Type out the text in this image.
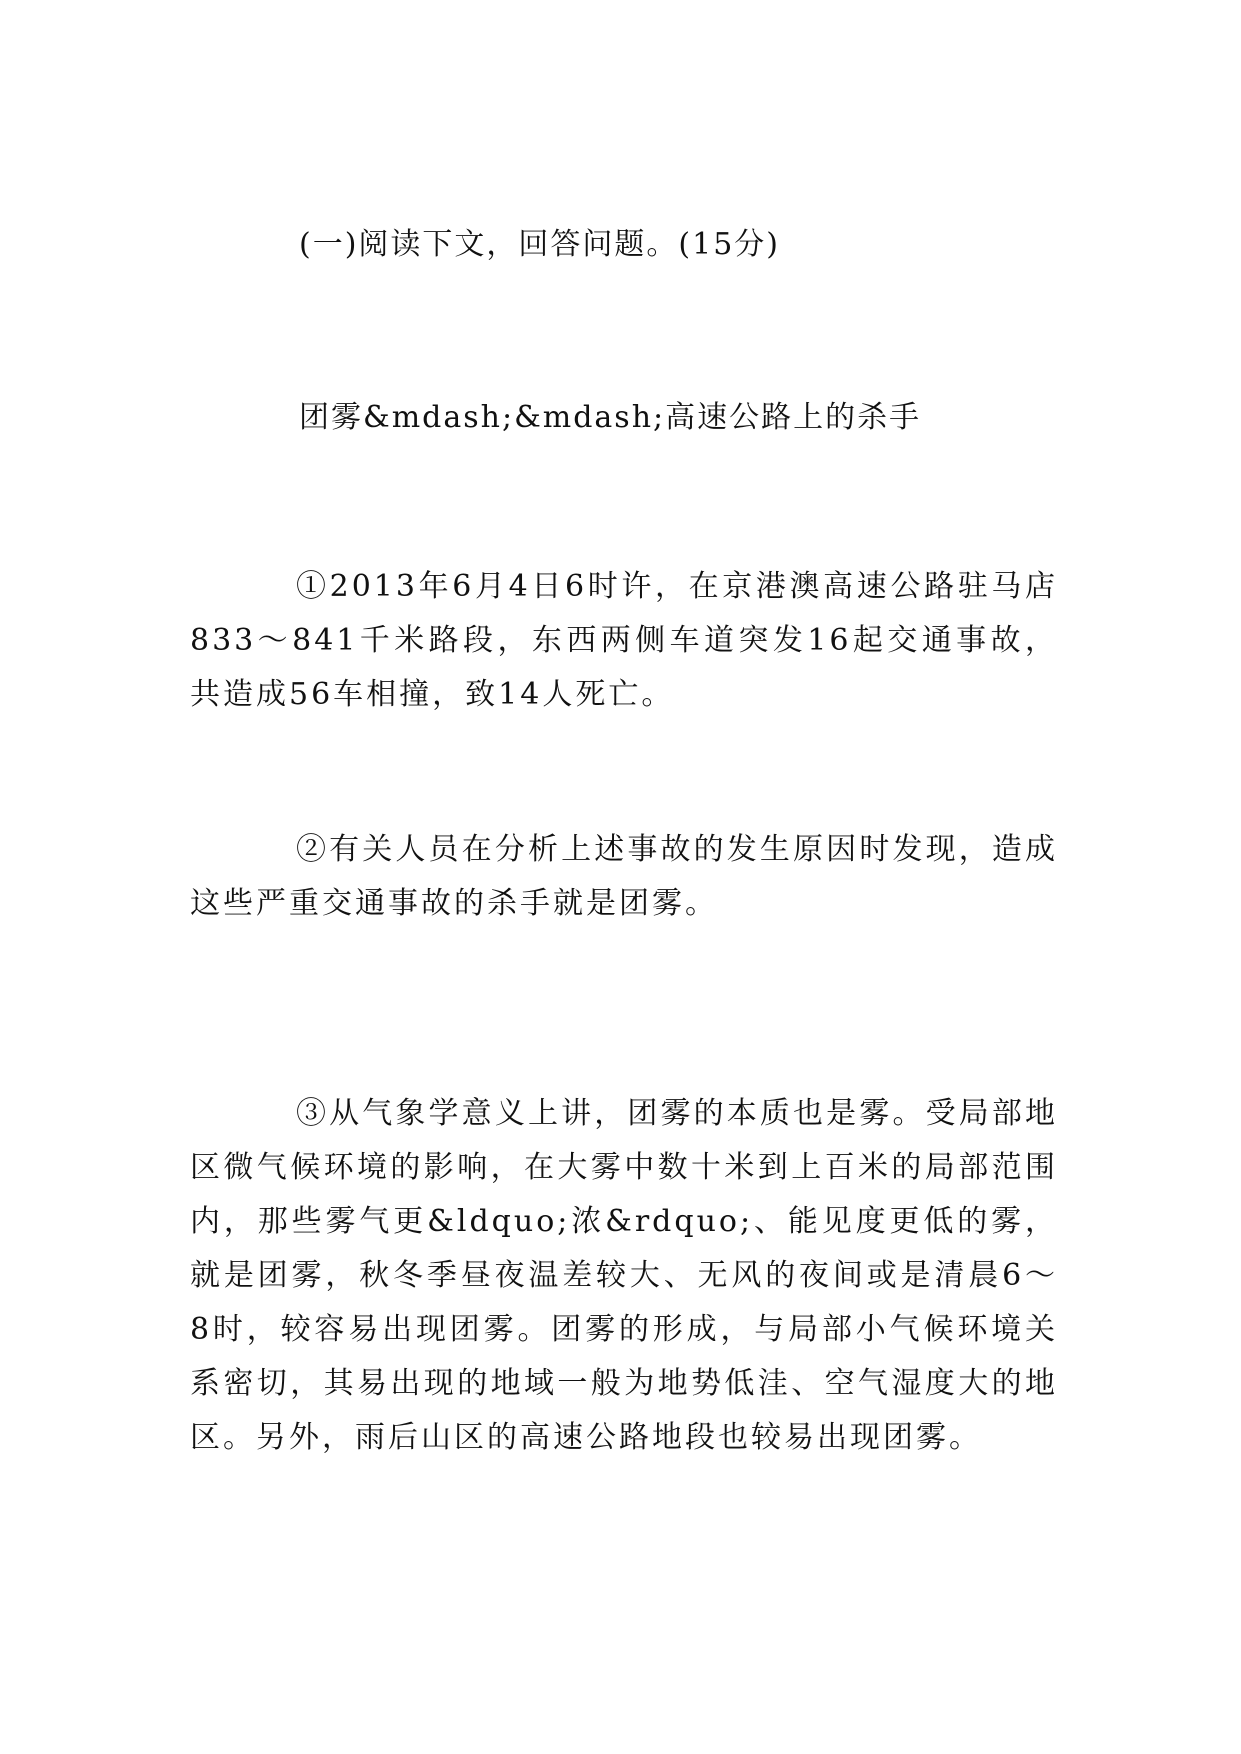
(一)阅读下文，回答问题。(15分)
团雾&mdash;&mdash;高速公路上的杀手

①2013年6月4日6时许，在京港澳高速公路驻马店833～841千米路段，东西两侧车道突发16起交通事故，共造成56车相撞，致14人死亡。

②有关人员在分析上述事故的发生原因时发现，造成这些严重交通事故的杀手就是团雾。

③从气象学意义上讲，团雾的本质也是雾。受局部地区微气候环境的影响，在大雾中数十米到上百米的局部范围内，那些雾气更&ldquo;浓&rdquo;、能见度更低的雾，就是团雾，秋冬季昼夜温差较大、无风的夜间或是清晨6～8时，较容易出现团雾。团雾的形成，与局部小气候环境关系密切，其易出现的地域一般为地势低洼、空气湿度大的地区。另外，雨后山区的高速公路地段也较易出现团雾。
